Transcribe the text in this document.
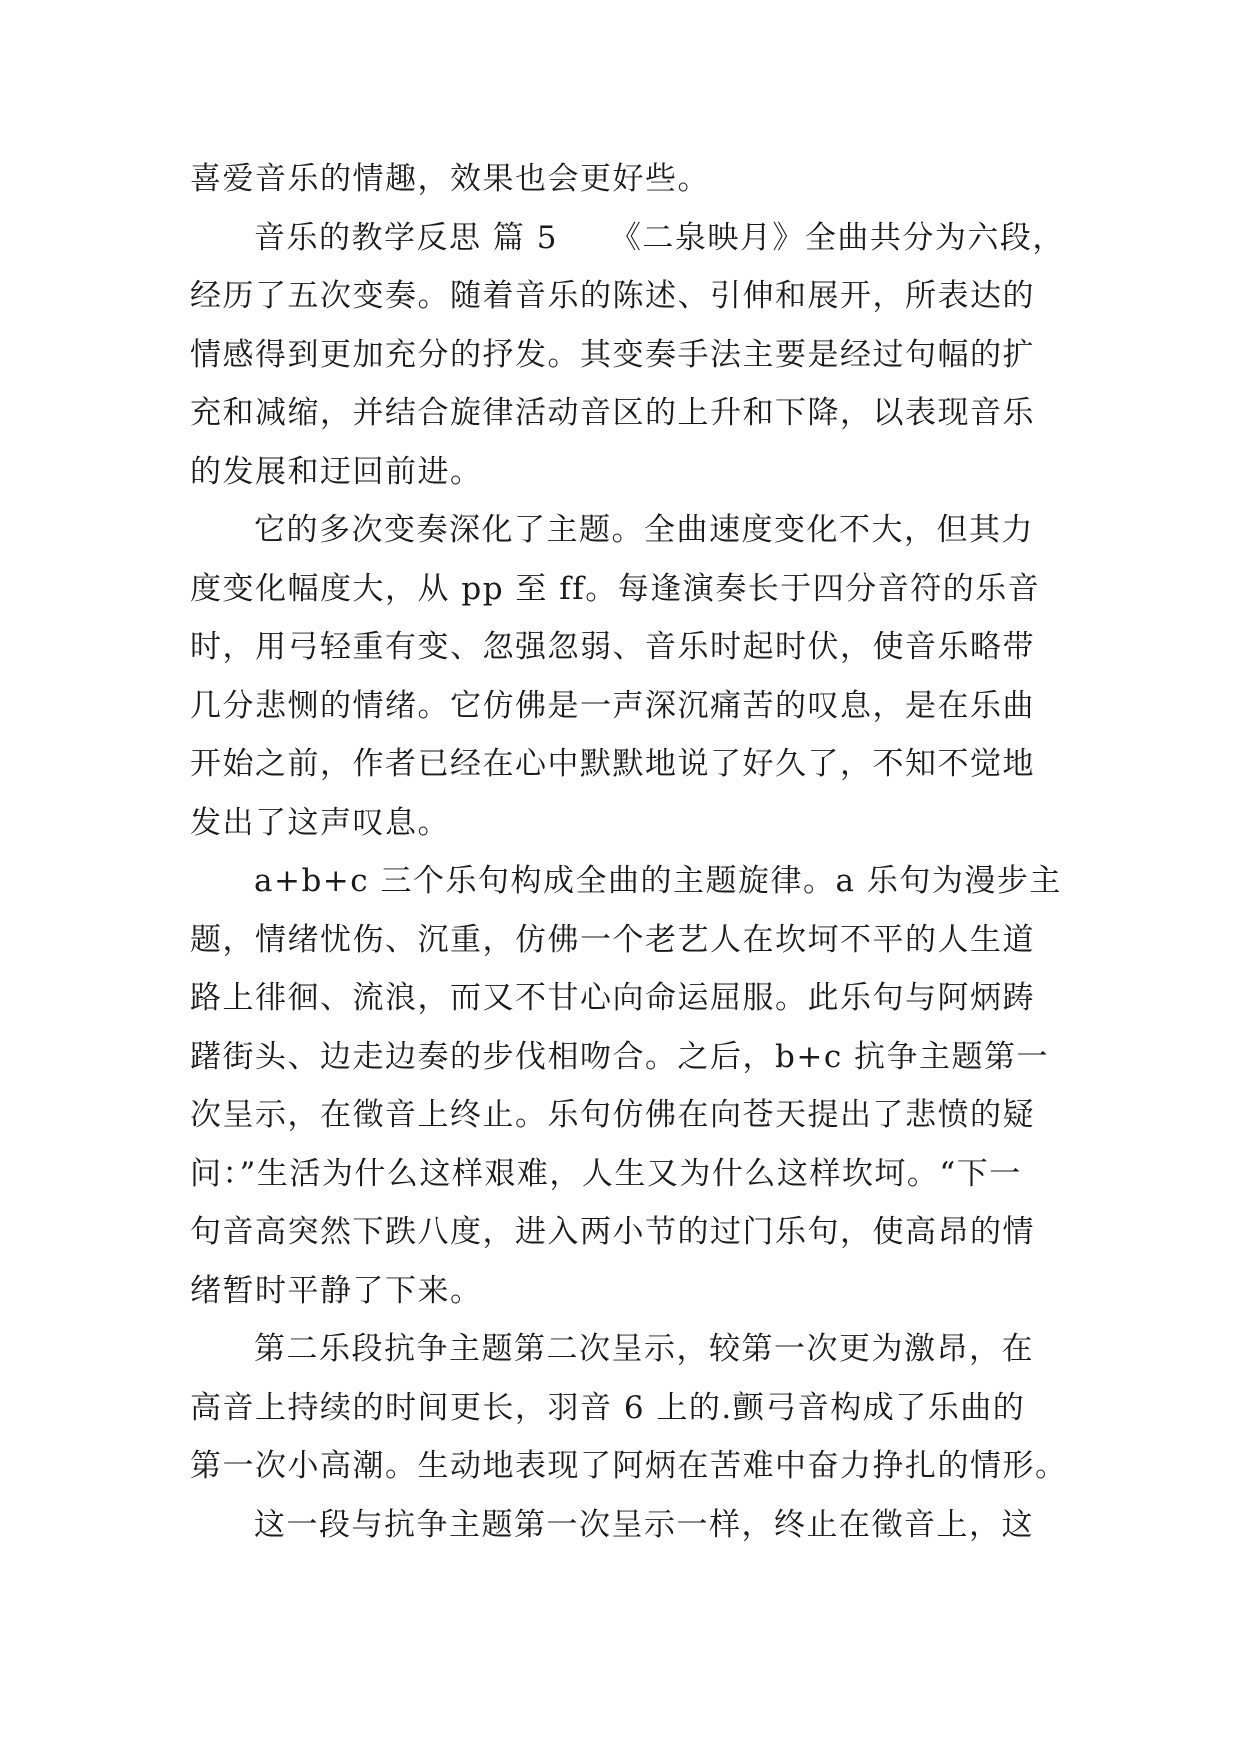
喜爱音乐的情趣，效果也会更好些。
音乐的教学反思 篇 5 《二泉映月》全曲共分为六段，
经历了五次变奏。随着音乐的陈述、引伸和展开，所表达的
情感得到更加充分的抒发。其变奏手法主要是经过句幅的扩
充和减缩，并结合旋律活动音区的上升和下降，以表现音乐
的发展和迂回前进。
它的多次变奏深化了主题。全曲速度变化不大，但其力
度变化幅度大，从 pp 至 ff。每逢演奏长于四分音符的乐音
时，用弓轻重有变、忽强忽弱、音乐时起时伏，使音乐略带
几分悲恻的情绪。它仿佛是一声深沉痛苦的叹息，是在乐曲
开始之前，作者已经在心中默默地说了好久了，不知不觉地
发出了这声叹息。
a+b+c 三个乐句构成全曲的主题旋律。a 乐句为漫步主
题，情绪忧伤、沉重，仿佛一个老艺人在坎坷不平的人生道
路上徘徊、流浪，而又不甘心向命运屈服。此乐句与阿炳踌
躇街头、边走边奏的步伐相吻合。之后，b+c 抗争主题第一
次呈示，在徵音上终止。乐句仿佛在向苍天提出了悲愤的疑
问：”生活为什么这样艰难，人生又为什么这样坎坷。“下一
句音高突然下跌八度，进入两小节的过门乐句，使高昂的情
绪暂时平静了下来。
第二乐段抗争主题第二次呈示，较第一次更为激昂，在
高音上持续的时间更长，羽音 6 上的.颤弓音构成了乐曲的
第一次小高潮。生动地表现了阿炳在苦难中奋力挣扎的情形。
这一段与抗争主题第一次呈示一样，终止在徵音上，这
